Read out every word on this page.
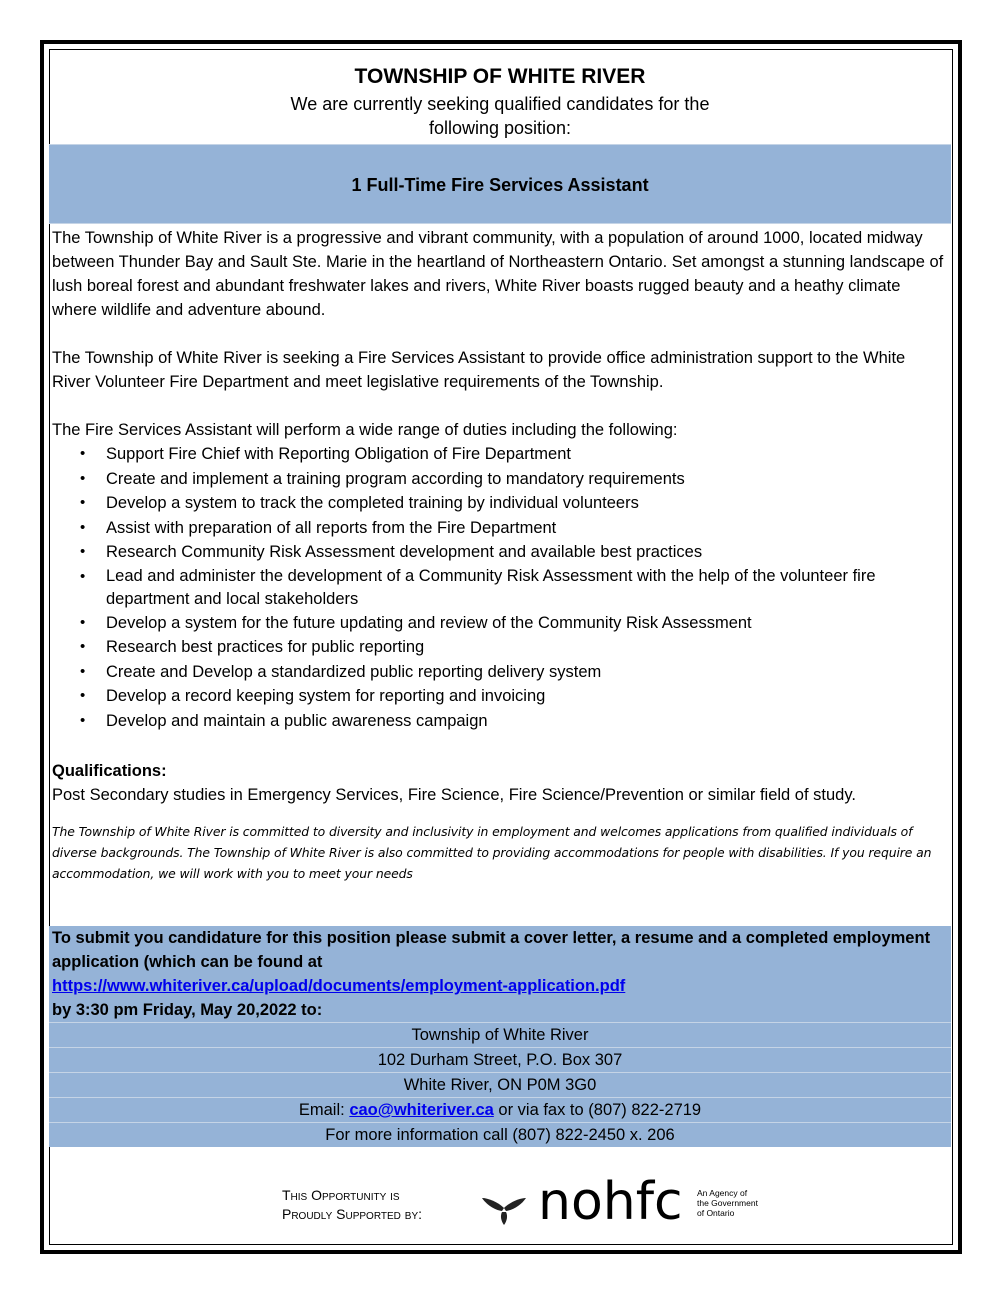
TOWNSHIP OF WHITE RIVER
We are currently seeking qualified candidates for the
following position:
1 Full-Time Fire Services Assistant

The Township of White River is a progressive and vibrant community, with a population of around 1000, located midway between Thunder Bay and Sault Ste. Marie in the heartland of Northeastern Ontario. Set amongst a stunning landscape of lush boreal forest and abundant freshwater lakes and rivers, White River boasts rugged beauty and a heathy climate where wildlife and adventure abound.

The Township of White River is seeking a Fire Services Assistant to provide office administration support to the White River Volunteer Fire Department and meet legislative requirements of the Township.

The Fire Services Assistant will perform a wide range of duties including the following:

• Support Fire Chief with Reporting Obligation of Fire Department
• Create and implement a training program according to mandatory requirements
• Develop a system to track the completed training by individual volunteers
• Assist with preparation of all reports from the Fire Department
• Research Community Risk Assessment development and available best practices
• Lead and administer the development of a Community Risk Assessment with the help of the volunteer fire department and local stakeholders
• Develop a system for the future updating and review of the Community Risk Assessment
• Research best practices for public reporting
• Create and Develop a standardized public reporting delivery system
• Develop a record keeping system for reporting and invoicing
• Develop and maintain a public awareness campaign
Qualifications:
Post Secondary studies in Emergency Services, Fire Science, Fire Science/Prevention or similar field of study.
The Township of White River is committed to diversity and inclusivity in employment and welcomes applications from qualified individuals of diverse backgrounds. The Township of White River is also committed to providing accommodations for people with disabilities. If you require an accommodation, we will work with you to meet your needs
To submit you candidature for this position please submit a cover letter, a resume and a completed employment application (which can be found at
https://www.whiteriver.ca/upload/documents/employment-application.pdf
by 3:30 pm Friday, May 20,2022 to:
Township of White River
102 Durham Street, P.O. Box 307
White River, ON P0M 3G0
Email: cao@whiteriver.ca or via fax to (807) 822-2719
For more information call (807) 822-2450 x. 206
This Opportunity is
Proudly Supported by: nohfc An Agency of
the Government
of Ontario
